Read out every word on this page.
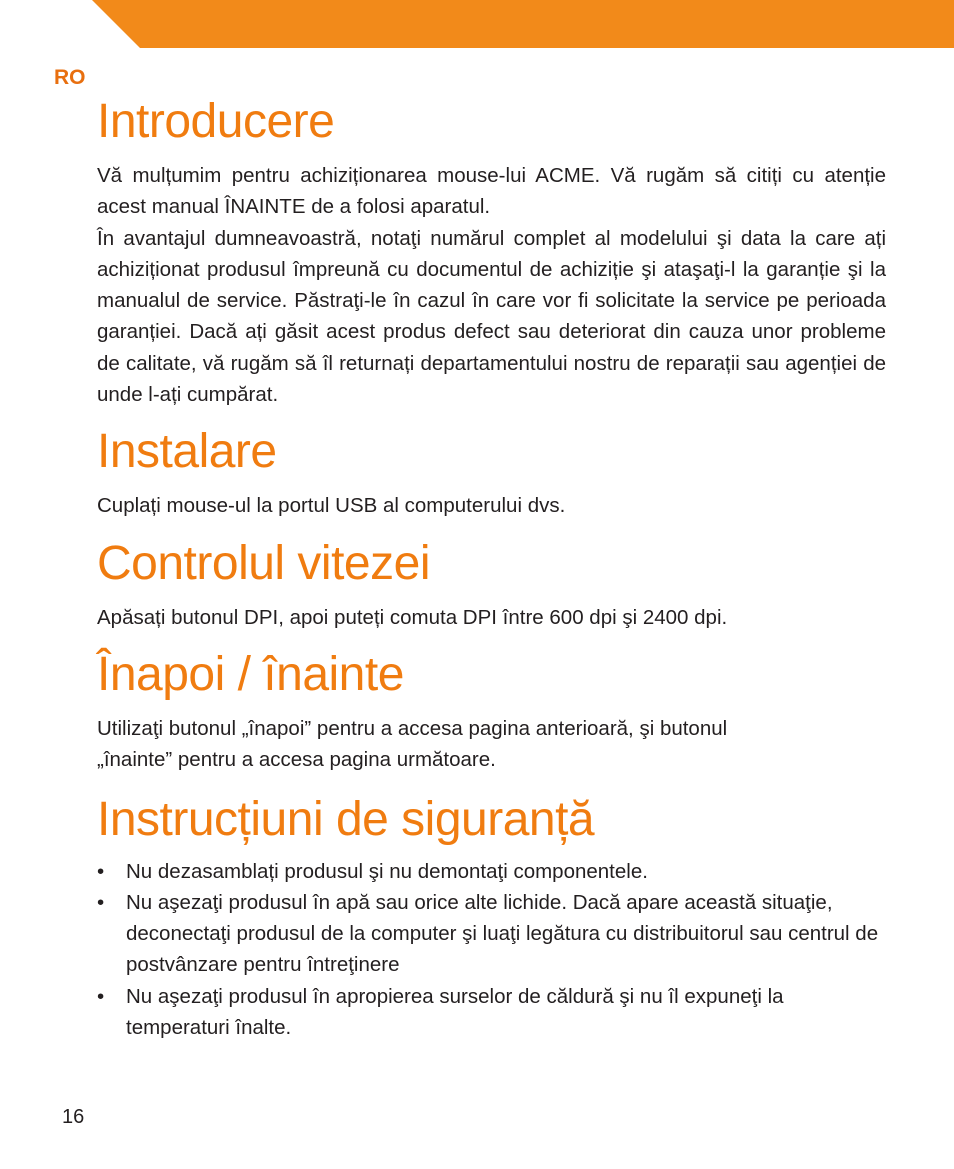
RO
Introducere

Vă mulțumim pentru achiziționarea mouse-lui ACME. Vă rugăm să citiți cu atenție acest manual ÎNAINTE de a folosi aparatul.

În avantajul dumneavoastră, notaţi numărul complet al modelului şi data la care ați achiziționat produsul împreună cu documentul de achiziție şi ataşaţi-l la garanție şi la manualul de service. Păstraţi-le în cazul în care vor fi solicitate la service pe perioada garanției. Dacă ați găsit acest produs defect sau deteriorat din cauza unor probleme de calitate, vă rugăm să îl returnați departamentului nostru de reparații sau agenției de unde l-ați cumpărat.

Instalare

Cuplați mouse-ul la portul USB al computerului dvs.

Controlul vitezei

Apăsați butonul DPI, apoi puteți comuta DPI între 600 dpi şi 2400 dpi.

Înapoi / înainte

Utilizaţi butonul „înapoi” pentru a accesa pagina anterioară, şi butonul

„înainte” pentru a accesa pagina următoare.

Instrucțiuni de siguranță
• Nu dezasamblați produsul şi nu demontaţi componentele.
• Nu aşezaţi produsul în apă sau orice alte lichide. Dacă apare această situaţie, deconectaţi produsul de la computer şi luaţi legătura cu distribuitorul sau centrul de postvânzare pentru întreţinere
• Nu aşezaţi produsul în apropierea surselor de căldură şi nu îl expuneţi la temperaturi înalte.
16
